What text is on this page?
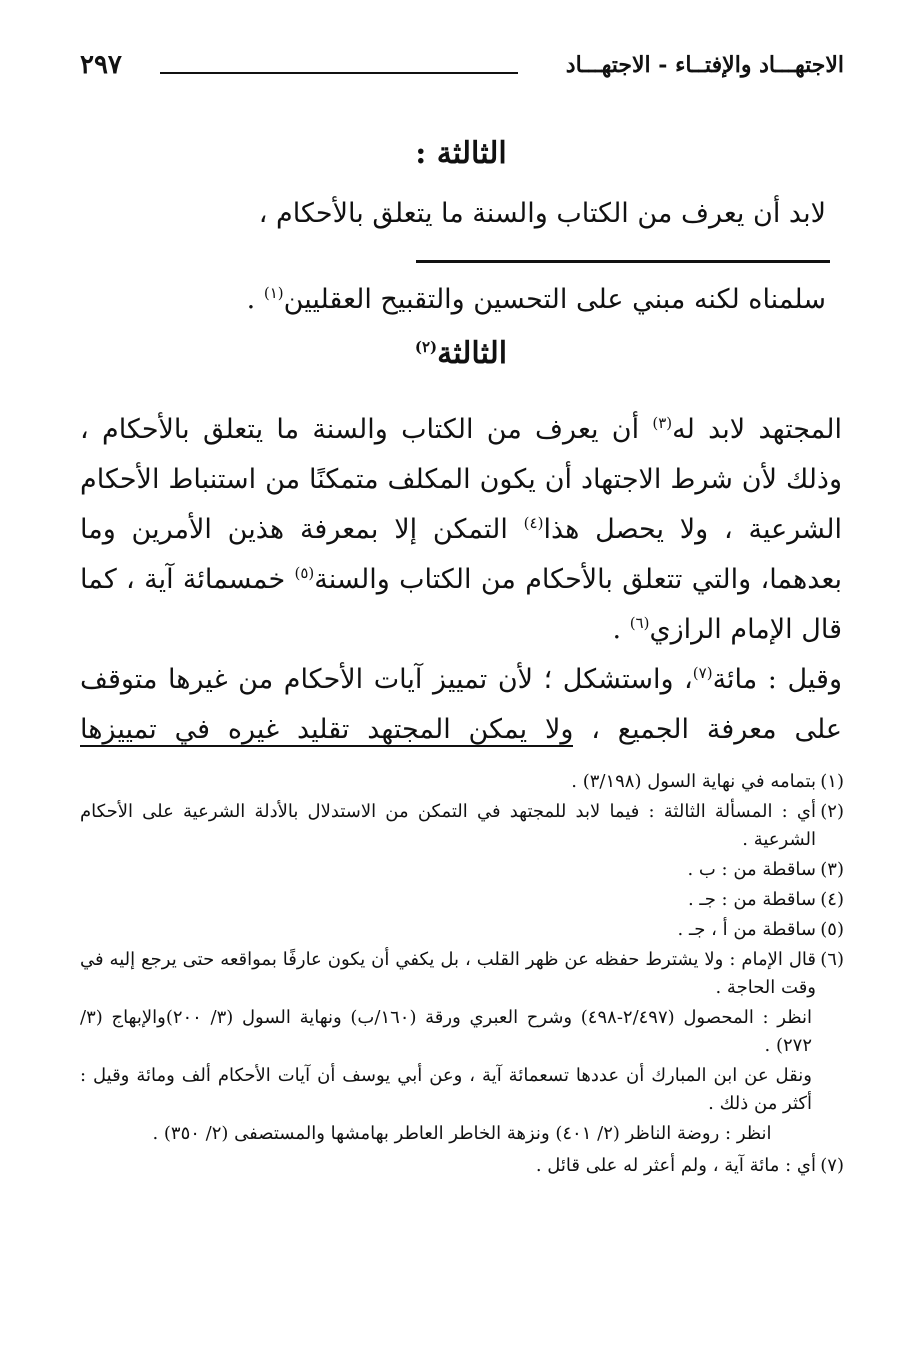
الاجتهـــاد والإفتــاء - الاجتهـــاد
٢٩٧
الثالثة :
لابد أن يعرف من الكتاب والسنة ما يتعلق بالأحكام ،
سلمناه لكنه مبني على التحسين والتقبيح العقليين$^{(١)}$ .
الثالثة$^{(٢)}$
المجتهد لابد له$^{(٣)}$ أن يعرف من الكتاب والسنة ما يتعلق بالأحكام ، وذلك لأن شرط الاجتهاد أن يكون المكلف متمكنًا من استنباط الأحكام الشرعية ، ولا يحصل هذا$^{(٤)}$ التمكن إلا بمعرفة هذين الأمرين وما بعدهما، والتي تتعلق بالأحكام من الكتاب والسنة$^{(٥)}$ خمسمائة آية ، كما قال الإمام الرازي$^{(٦)}$ .
وقيل : مائة$^{(٧)}$، واستشكل ؛ لأن تمييز آيات الأحكام من غيرها متوقف على معرفة الجميع ، ولا يمكن المجتهد تقليد غيره في تمييزها
(١)
بتمامه في نهاية السول (٣/١٩٨) .
(٢)
أي : المسألة الثالثة : فيما لابد للمجتهد في التمكن من الاستدلال بالأدلة الشرعية على الأحكام الشرعية .
(٣)
ساقطة من : ب .
(٤)
ساقطة من : جـ .
(٥)
ساقطة من أ ، جـ .
(٦)
قال الإمام : ولا يشترط حفظه عن ظهر القلب ، بل يكفي أن يكون عارفًا بمواقعه حتى يرجع إليه في وقت الحاجة .
انظر : المحصول (٢/٤٩٧-٤٩٨) وشرح العبري ورقة (١٦٠/ب) ونهاية السول (٣/ ٢٠٠)والإبهاج (٣/ ٢٧٢) .
ونقل عن ابن المبارك أن عددها تسعمائة آية ، وعن أبي يوسف أن آيات الأحكام ألف ومائة وقيل : أكثر من ذلك .
انظر : روضة الناظر (٢/ ٤٠١) ونزهة الخاطر العاطر بهامشها والمستصفى (٢/ ٣٥٠) .
(٧)
أي : مائة آية ، ولم أعثر له على قائل .
